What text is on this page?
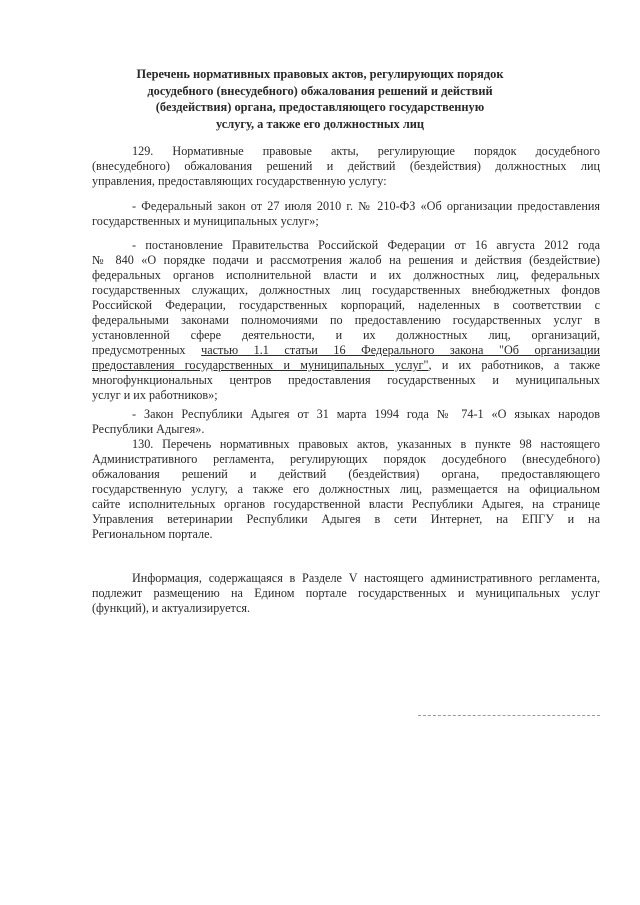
Перечень нормативных правовых актов, регулирующих порядок
досудебного (внесудебного) обжалования решений и действий
(бездействия) органа, предоставляющего государственную
услугу, а также его должностных лиц
129. Нормативные правовые акты, регулирующие порядок досудебного
(внесудебного) обжалования решений и действий (бездействия) должностных лиц
управления, предоставляющих государственную услугу:
- Федеральный закон от 27 июля 2010 г. № 210-ФЗ «Об организации предоставления
государственных и муниципальных услуг»;
- постановление Правительства Российской Федерации от 16 августа 2012 года
№ 840 «О порядке подачи и рассмотрения жалоб на решения и действия (бездействие)
федеральных органов исполнительной власти и их должностных лиц, федеральных
государственных служащих, должностных лиц государственных внебюджетных фондов
Российской Федерации, государственных корпораций, наделенных в соответствии с
федеральными законами полномочиями по предоставлению государственных услуг в
установленной сфере деятельности, и их должностных лиц, организаций,
предусмотренных частью 1.1 статьи 16 Федерального закона "Об организации
предоставления государственных и муниципальных услуг", и их работников, а также
многофункциональных центров предоставления государственных и муниципальных
услуг и их работников»;
- Закон Республики Адыгея от 31 марта 1994 года № 74-1 «О языках народов
Республики Адыгея».
130. Перечень нормативных правовых актов, указанных в пункте 98 настоящего
Административного регламента, регулирующих порядок досудебного (внесудебного)
обжалования решений и действий (бездействия) органа, предоставляющего
государственную услугу, а также его должностных лиц, размещается на официальном
сайте исполнительных органов государственной власти Республики Адыгея, на странице
Управления ветеринарии Республики Адыгея в сети Интернет, на ЕПГУ и на
Региональном портале.
Информация, содержащаяся в Разделе V настоящего административного регламента,
подлежит размещению на Едином портале государственных и муниципальных услуг
(функций), и актуализируется.
